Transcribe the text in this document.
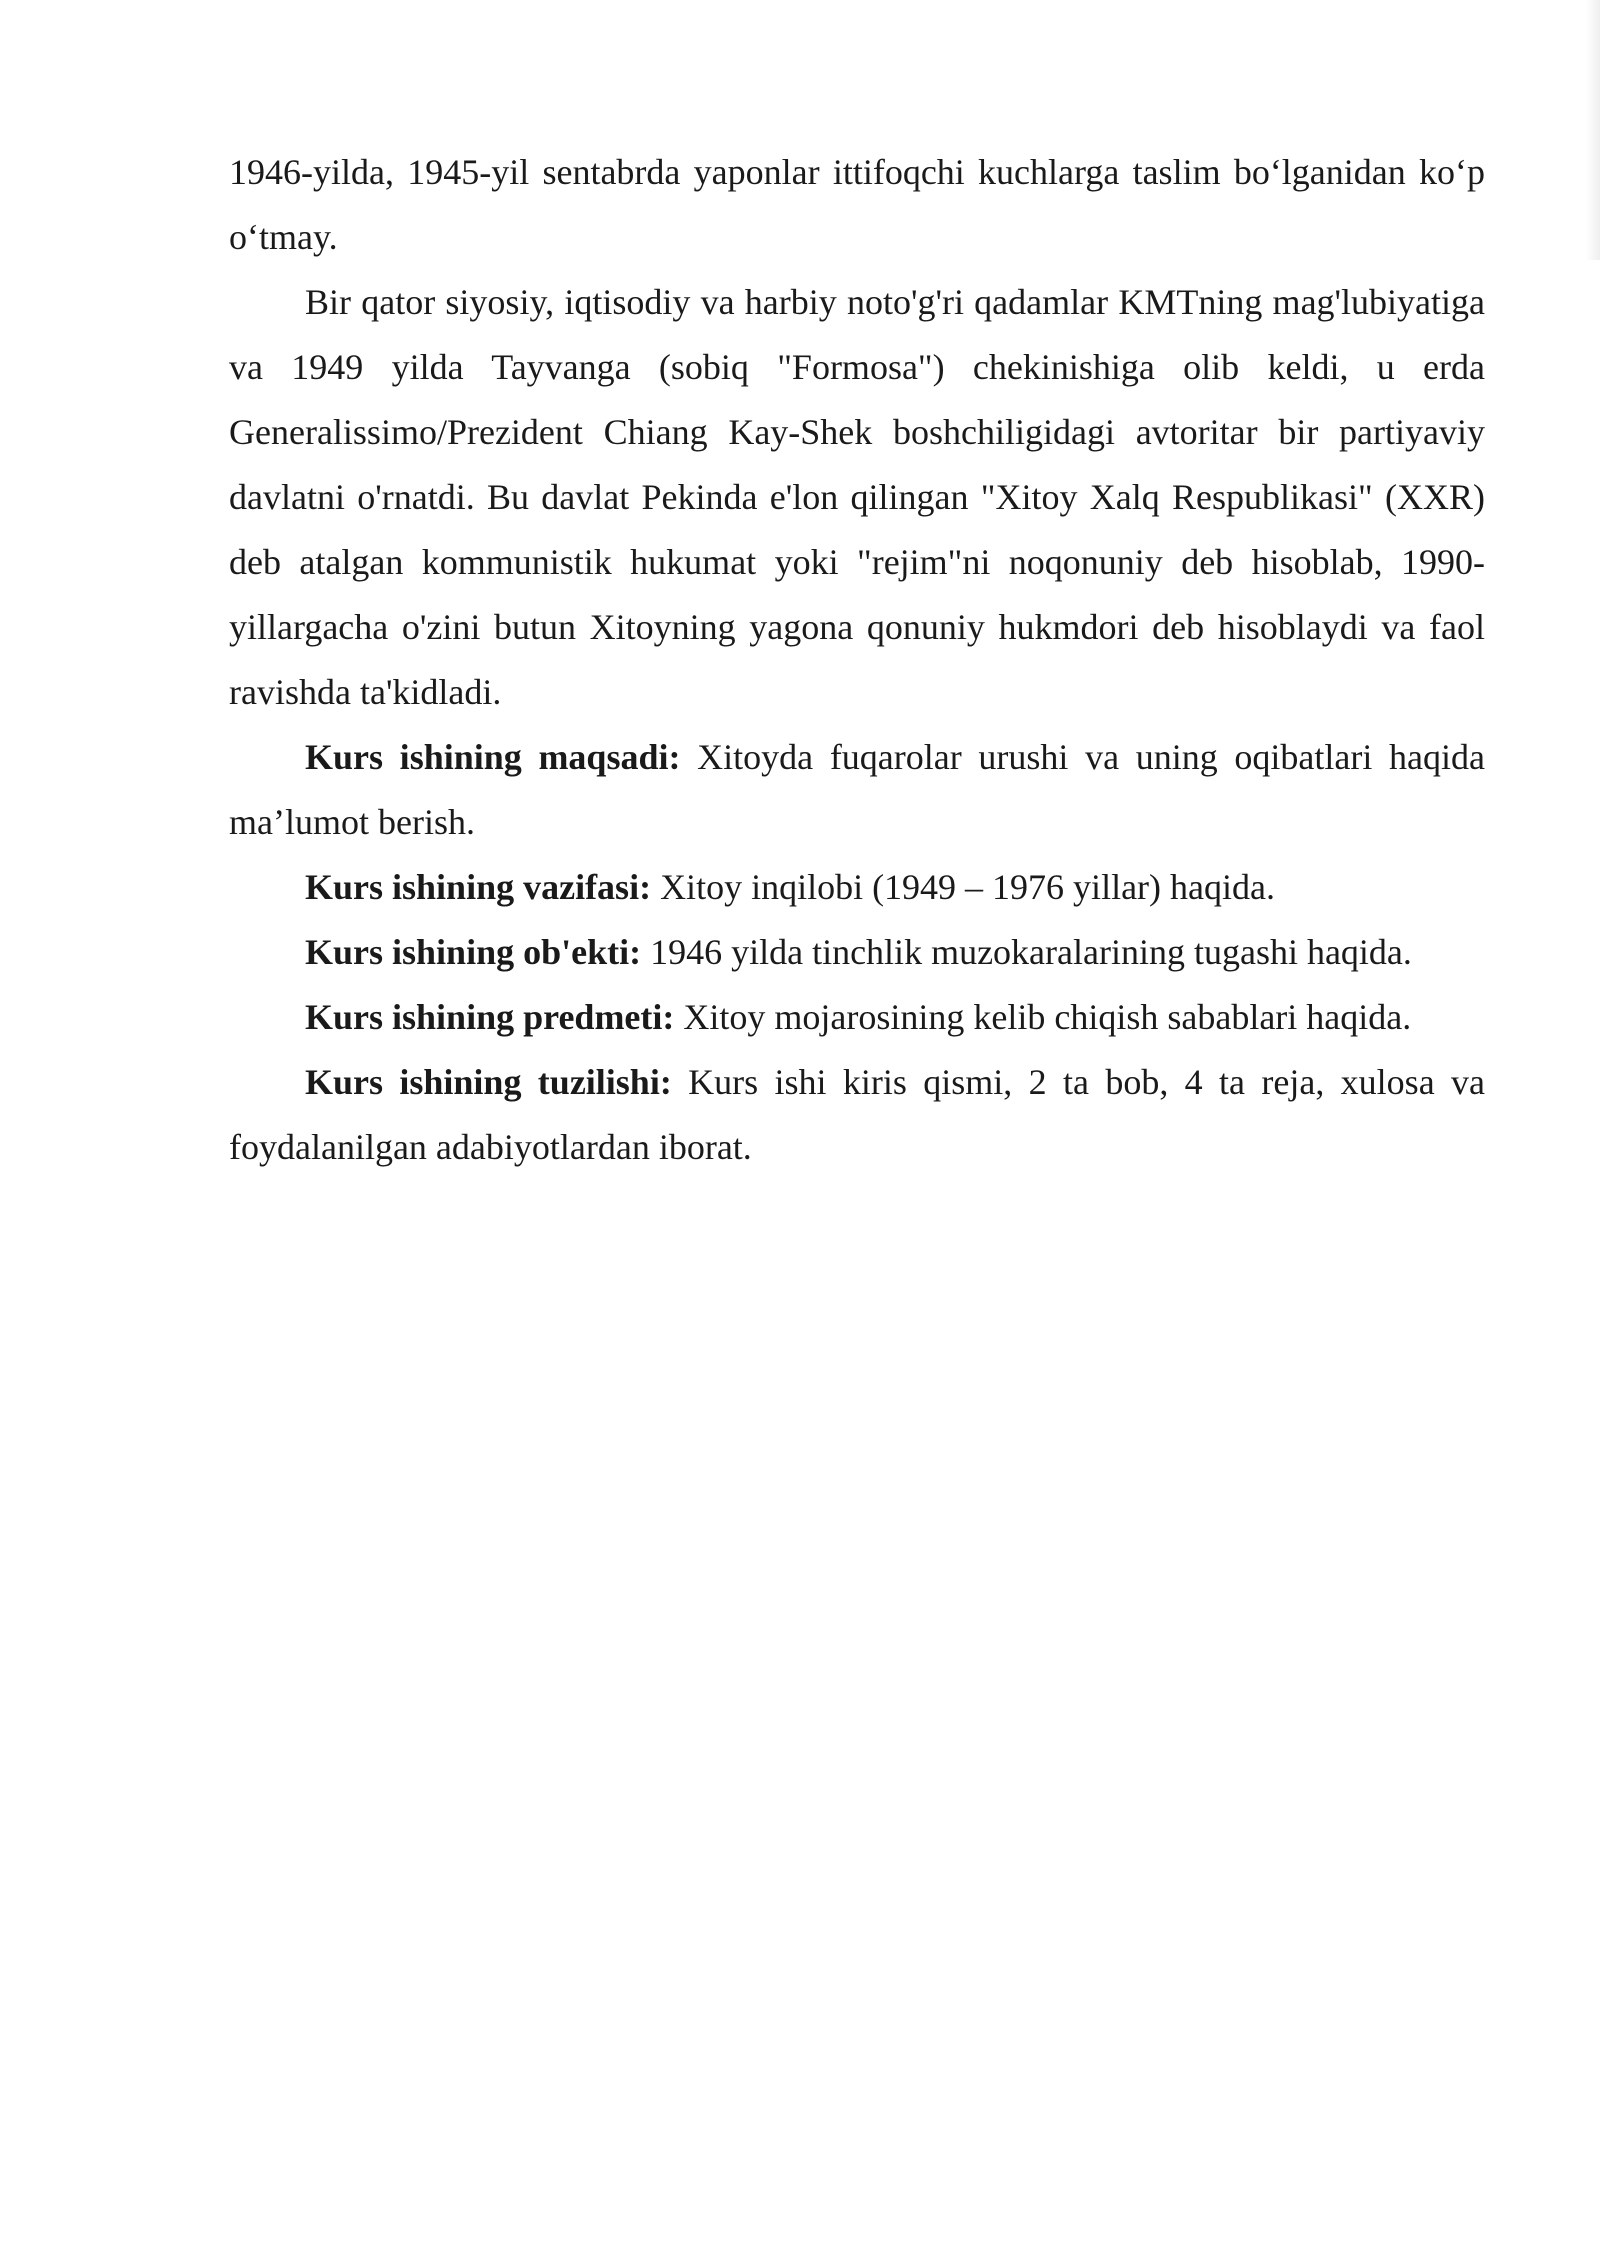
1946-yilda, 1945-yil sentabrda yaponlar ittifoqchi kuchlarga taslim bo‘lganidan ko‘p o‘tmay.

Bir qator siyosiy, iqtisodiy va harbiy noto'g'ri qadamlar KMTning mag'lubiyatiga va 1949 yilda Tayvanga (sobiq "Formosa") chekinishiga olib keldi, u erda Generalissimo/Prezident Chiang Kay-Shek boshchiligidagi avtoritar bir partiyaviy davlatni o'rnatdi. Bu davlat Pekinda e'lon qilingan "Xitoy Xalq Respublikasi" (XXR) deb atalgan kommunistik hukumat yoki "rejim"ni noqonuniy deb hisoblab, 1990-yillargacha o'zini butun Xitoyning yagona qonuniy hukmdori deb hisoblaydi va faol ravishda ta'kidladi.

Kurs ishining maqsadi: Xitoyda fuqarolar urushi va uning oqibatlari haqida ma’lumot berish.

Kurs ishining vazifasi: Xitoy inqilobi (1949 – 1976 yillar) haqida.

Kurs ishining ob'ekti: 1946 yilda tinchlik muzokaralarining tugashi haqida.

Kurs ishining predmeti: Xitoy mojarosining kelib chiqish sabablari haqida.

Kurs ishining tuzilishi: Kurs ishi kiris qismi, 2 ta bob, 4 ta reja, xulosa va foydalanilgan adabiyotlardan iborat.
